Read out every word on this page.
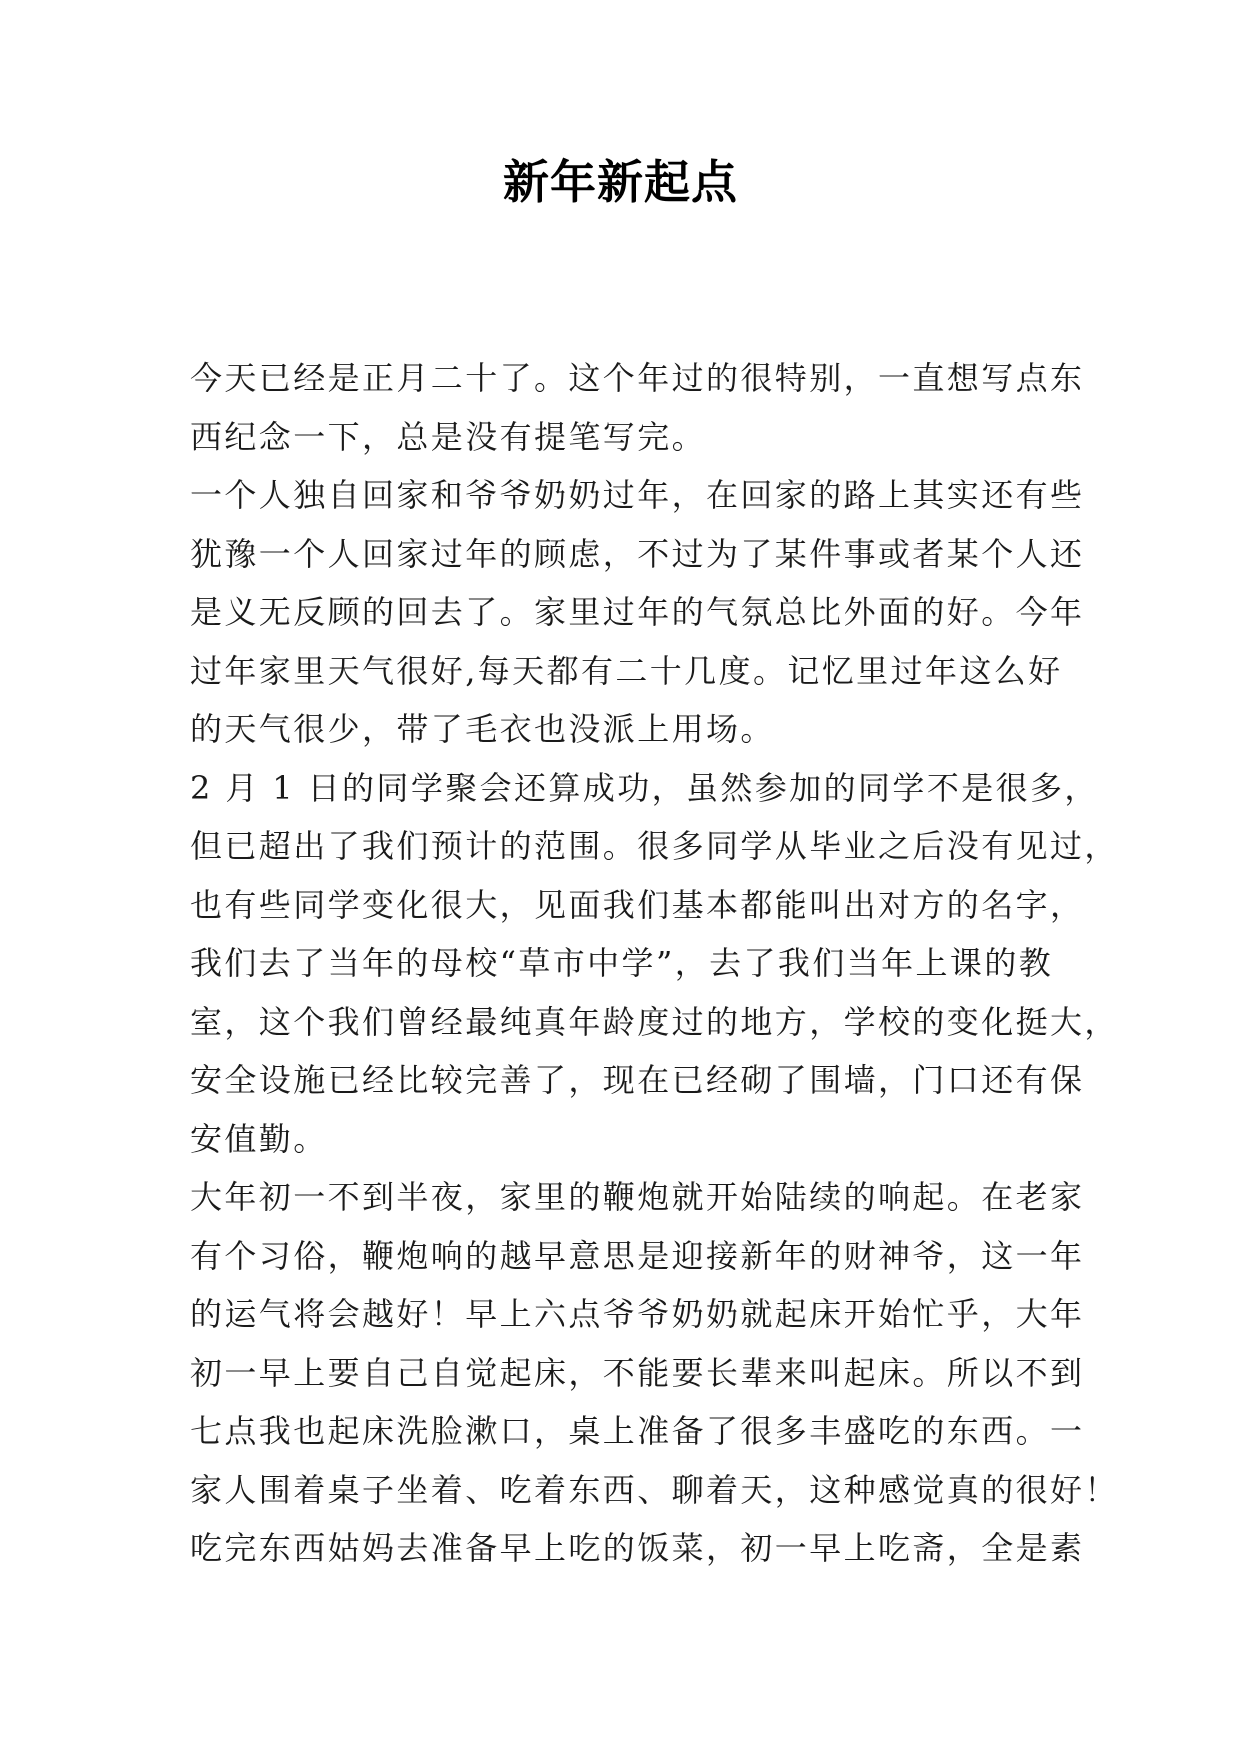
新年新起点
今天已经是正月二十了。这个年过的很特别，一直想写点东
西纪念一下，总是没有提笔写完。
一个人独自回家和爷爷奶奶过年，在回家的路上其实还有些
犹豫一个人回家过年的顾虑，不过为了某件事或者某个人还
是义无反顾的回去了。家里过年的气氛总比外面的好。今年
过年家里天气很好,每天都有二十几度。记忆里过年这么好
的天气很少，带了毛衣也没派上用场。
2 月 1 日的同学聚会还算成功，虽然参加的同学不是很多，
但已超出了我们预计的范围。很多同学从毕业之后没有见过，
也有些同学变化很大，见面我们基本都能叫出对方的名字，
我们去了当年的母校“草市中学”，去了我们当年上课的教
室，这个我们曾经最纯真年龄度过的地方，学校的变化挺大，
安全设施已经比较完善了，现在已经砌了围墙，门口还有保
安值勤。
大年初一不到半夜，家里的鞭炮就开始陆续的响起。在老家
有个习俗，鞭炮响的越早意思是迎接新年的财神爷，这一年
的运气将会越好！早上六点爷爷奶奶就起床开始忙乎，大年
初一早上要自己自觉起床，不能要长辈来叫起床。所以不到
七点我也起床洗脸漱口，桌上准备了很多丰盛吃的东西。一
家人围着桌子坐着、吃着东西、聊着天，这种感觉真的很好！
吃完东西姑妈去准备早上吃的饭菜，初一早上吃斋，全是素
